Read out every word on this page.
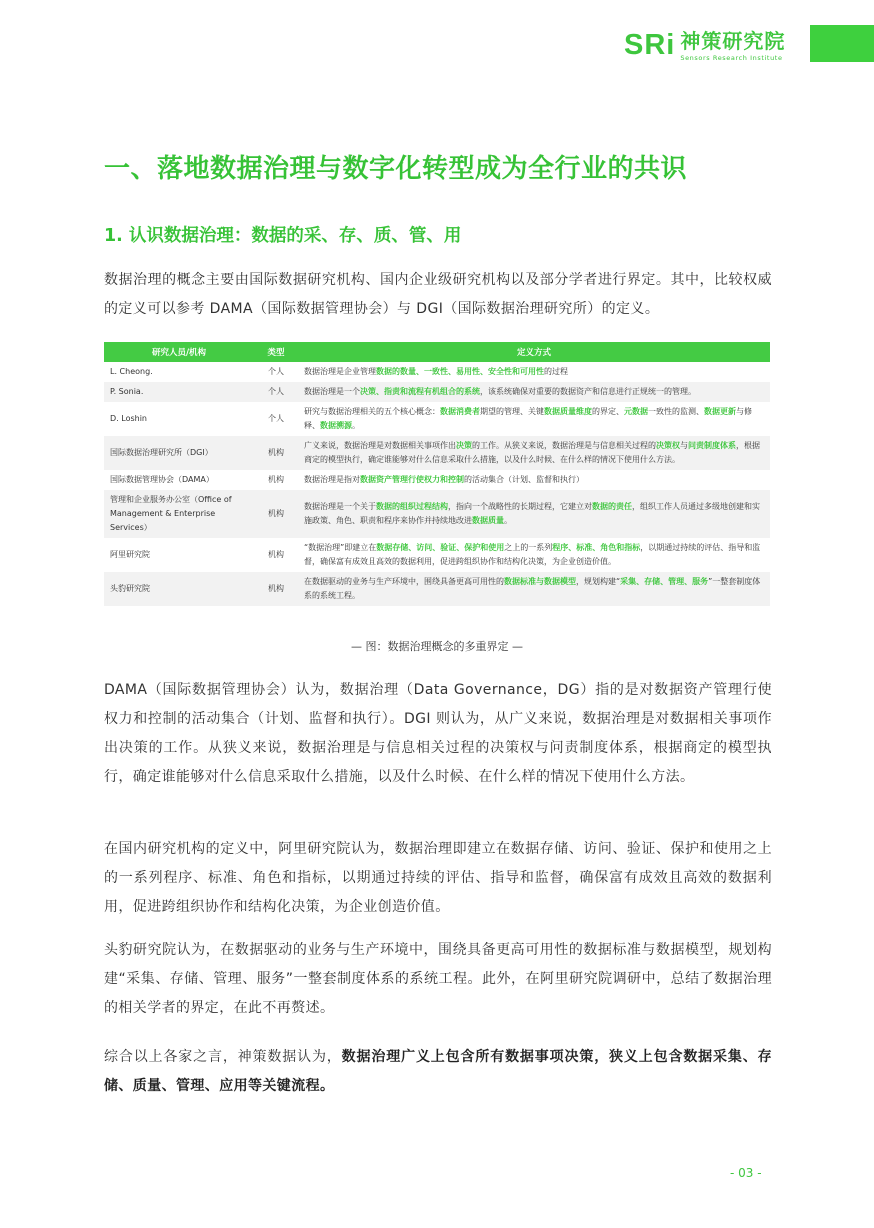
SRi 神策研究院
Sensors Research Institute
一、落地数据治理与数字化转型成为全行业的共识
1. 认识数据治理：数据的采、存、质、管、用

数据治理的概念主要由国际数据研究机构、国内企业级研究机构以及部分学者进行界定。其中，比较权威的定义可以参考 DAMA（国际数据管理协会）与 DGI（国际数据治理研究所）的定义。

研究人员/机构	类型	定义方式
L. Cheong.	个人	数据治理是企业管理数据的数量、一致性、易用性、安全性和可用性的过程
P. Sonia.	个人	数据治理是一个决策、指责和流程有机组合的系统，该系统确保对重要的数据资产和信息进行正规统一的管理。
D. Loshin	个人	研究与数据治理相关的五个核心概念：数据消费者期望的管理、关键数据质量维度的界定、元数据一致性的监测、数据更新与修释、数据溯源。
国际数据治理研究所（DGI）	机构	广义来说，数据治理是对数据相关事项作出决策的工作。从狭义来说，数据治理是与信息相关过程的决策权与问责制度体系，根据商定的模型执行，确定谁能够对什么信息采取什么措施，以及什么时候、在什么样的情况下使用什么方法。
国际数据管理协会（DAMA）	机构	数据治理是指对数据资产管理行使权力和控制的活动集合（计划、监督和执行）
管理和企业服务办公室（Office of Management & Enterprise Services）	机构	数据治理是一个关于数据的组织过程结构，指向一个战略性的长期过程，它建立对数据的责任，组织工作人员通过多级地创建和实施政策、角色、职责和程序来协作并持续地改进数据质量。
阿里研究院	机构	“数据治理”即建立在数据存储、访问、验证、保护和使用之上的一系列程序、标准、角色和指标，以期通过持续的评估、指导和监督，确保富有成效且高效的数据利用，促进跨组织协作和结构化决策，为企业创造价值。
头豹研究院	机构	在数据驱动的业务与生产环境中，围绕具备更高可用性的数据标准与数据模型，规划构建“采集、存储、管理、服务”一整套制度体系的系统工程。
— 图：数据治理概念的多重界定 —

DAMA（国际数据管理协会）认为，数据治理（Data Governance，DG）指的是对数据资产管理行使权力和控制的活动集合（计划、监督和执行）。DGI 则认为，从广义来说，数据治理是对数据相关事项作出决策的工作。从狭义来说，数据治理是与信息相关过程的决策权与问责制度体系，根据商定的模型执行，确定谁能够对什么信息采取什么措施，以及什么时候、在什么样的情况下使用什么方法。

在国内研究机构的定义中，阿里研究院认为，数据治理即建立在数据存储、访问、验证、保护和使用之上的一系列程序、标准、角色和指标，以期通过持续的评估、指导和监督，确保富有成效且高效的数据利用，促进跨组织协作和结构化决策，为企业创造价值。

头豹研究院认为，在数据驱动的业务与生产环境中，围绕具备更高可用性的数据标准与数据模型，规划构建“采集、存储、管理、服务”一整套制度体系的系统工程。此外，在阿里研究院调研中，总结了数据治理的相关学者的界定，在此不再赘述。

综合以上各家之言，神策数据认为，数据治理广义上包含所有数据事项决策，狭义上包含数据采集、存储、质量、管理、应用等关键流程。

- 03 -
